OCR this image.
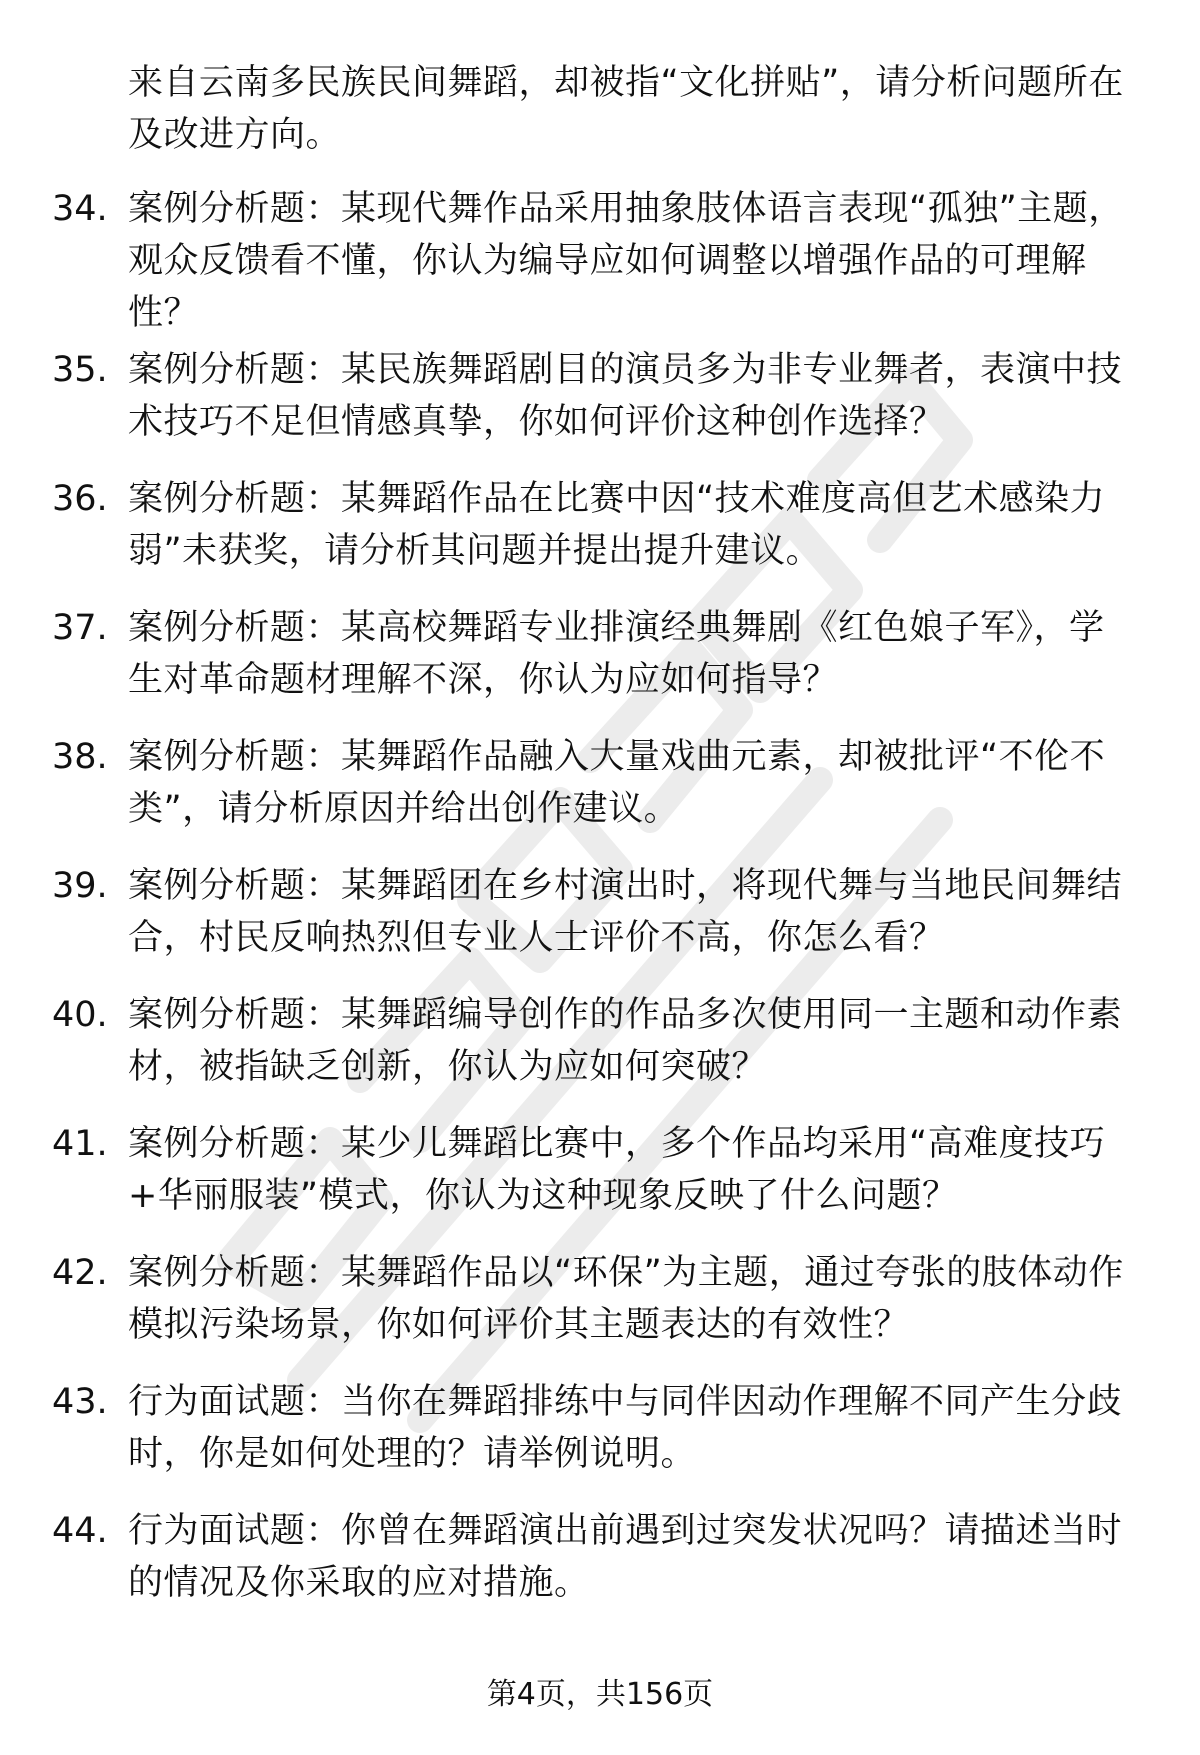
来自云南多民族民间舞蹈，却被指“文化拼贴”，请分析问题所在及改进方向。
34. 案例分析题：某现代舞作品采用抽象肢体语言表现“孤独”主题，观众反馈看不懂，你认为编导应如何调整以增强作品的可理解性？
35. 案例分析题：某民族舞蹈剧目的演员多为非专业舞者，表演中技术技巧不足但情感真挚，你如何评价这种创作选择？
36. 案例分析题：某舞蹈作品在比赛中因“技术难度高但艺术感染力弱”未获奖，请分析其问题并提出提升建议。
37. 案例分析题：某高校舞蹈专业排演经典舞剧《红色娘子军》，学生对革命题材理解不深，你认为应如何指导？
38. 案例分析题：某舞蹈作品融入大量戏曲元素，却被批评“不伦不类”，请分析原因并给出创作建议。
39. 案例分析题：某舞蹈团在乡村演出时，将现代舞与当地民间舞结合，村民反响热烈但专业人士评价不高，你怎么看？
40. 案例分析题：某舞蹈编导创作的作品多次使用同一主题和动作素材，被指缺乏创新，你认为应如何突破？
41. 案例分析题：某少儿舞蹈比赛中，多个作品均采用“高难度技巧+华丽服装”模式，你认为这种现象反映了什么问题？
42. 案例分析题：某舞蹈作品以“环保”为主题，通过夸张的肢体动作模拟污染场景，你如何评价其主题表达的有效性？
43. 行为面试题：当你在舞蹈排练中与同伴因动作理解不同产生分歧时，你是如何处理的？请举例说明。
44. 行为面试题：你曾在舞蹈演出前遇到过突发状况吗？请描述当时的情况及你采取的应对措施。
第4页，共156页
